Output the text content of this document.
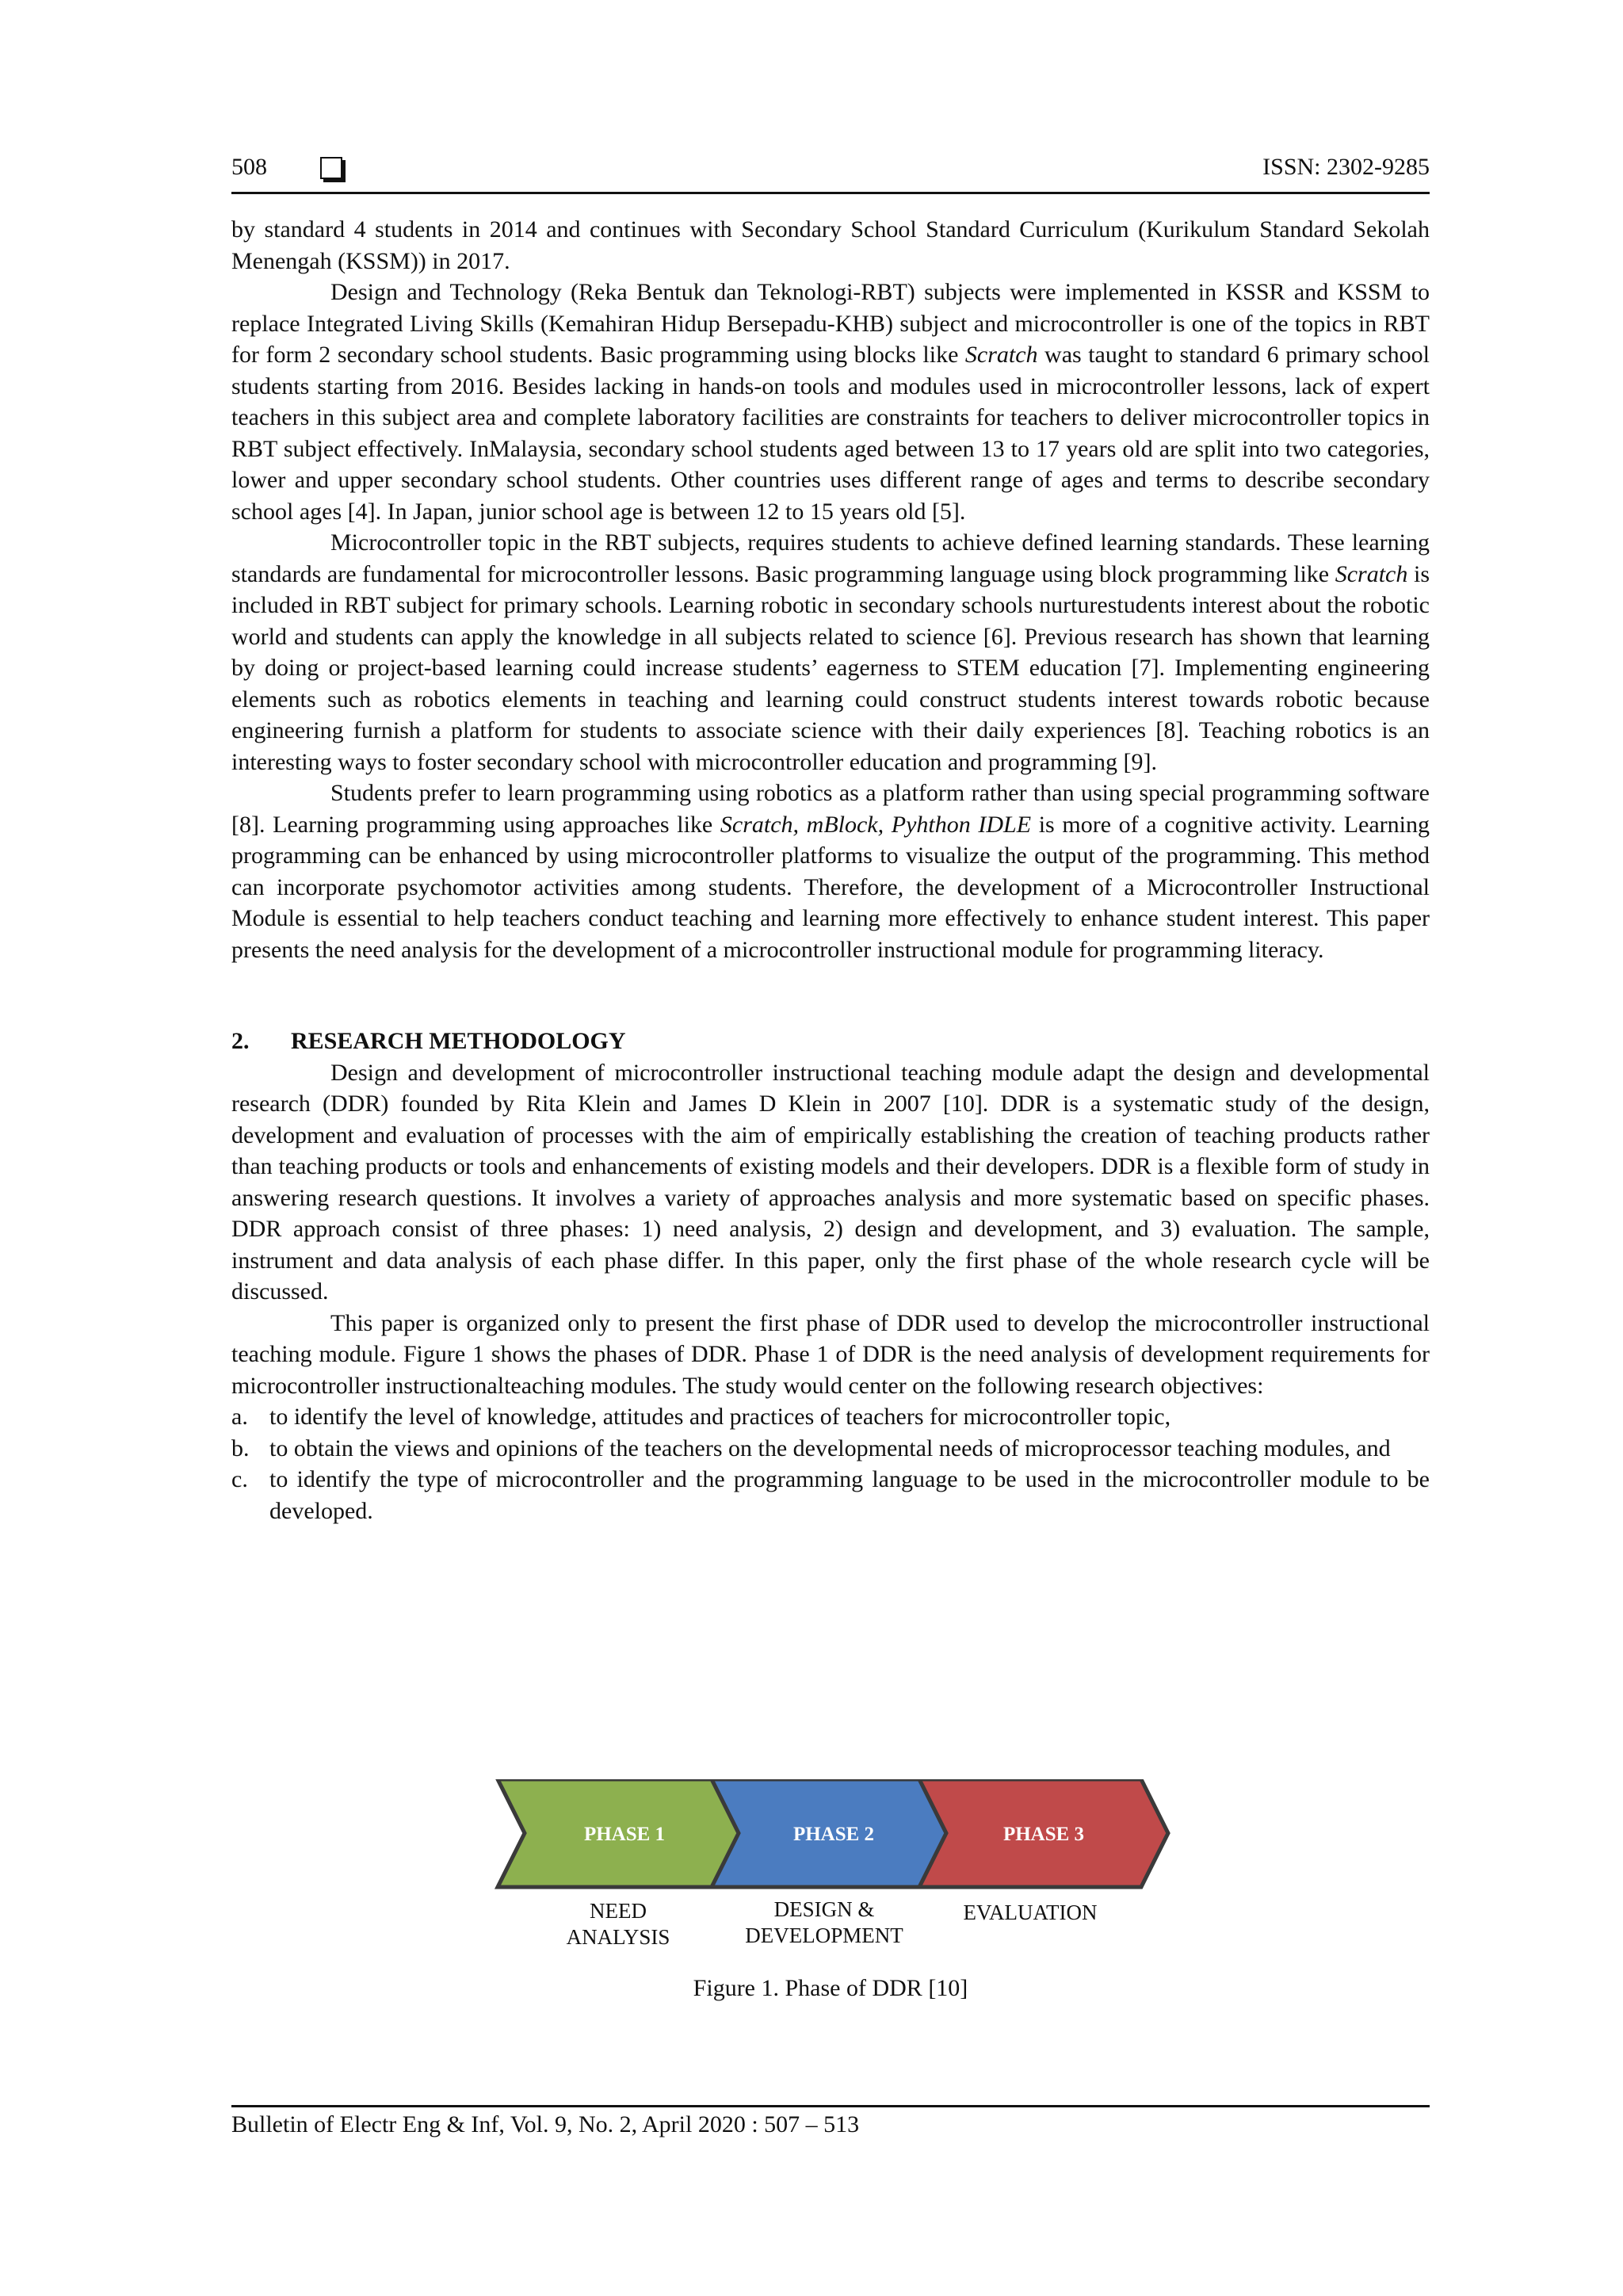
508	ISSN: 2302-9285

by standard 4 students in 2014 and continues with Secondary School Standard Curriculum (Kurikulum Standard Sekolah Menengah (KSSM)) in 2017.

Design and Technology (Reka Bentuk dan Teknologi-RBT) subjects were implemented in KSSR and KSSM to replace Integrated Living Skills (Kemahiran Hidup Bersepadu-KHB) subject and microcontroller is one of the topics in RBT for form 2 secondary school students. Basic programming using blocks like Scratch was taught to standard 6 primary school students starting from 2016. Besides lacking in hands-on tools and modules used in microcontroller lessons, lack of expert teachers in this subject area and complete laboratory facilities are constraints for teachers to deliver microcontroller topics in RBT subject effectively. InMalaysia, secondary school students aged between 13 to 17 years old are split into two categories, lower and upper secondary school students. Other countries uses different range of ages and terms to describe secondary school ages [4]. In Japan, junior school age is between 12 to 15 years old [5].

Microcontroller topic in the RBT subjects, requires students to achieve defined learning standards. These learning standards are fundamental for microcontroller lessons. Basic programming language using block programming like Scratch is included in RBT subject for primary schools. Learning robotic in secondary schools nurturestudents interest about the robotic world and students can apply the knowledge in all subjects related to science [6]. Previous research has shown that learning by doing or project-based learning could increase students’ eagerness to STEM education [7]. Implementing engineering elements such as robotics elements in teaching and learning could construct students interest towards robotic because engineering furnish a platform for students to associate science with their daily experiences [8]. Teaching robotics is an interesting ways to foster secondary school with microcontroller education and programming [9].

Students prefer to learn programming using robotics as a platform rather than using special programming software [8]. Learning programming using approaches like Scratch, mBlock, Pyhthon IDLE is more of a cognitive activity. Learning programming can be enhanced by using microcontroller platforms to visualize the output of the programming. This method can incorporate psychomotor activities among students. Therefore, the development of a Microcontroller Instructional Module is essential to help teachers conduct teaching and learning more effectively to enhance student interest. This paper presents the need analysis for the development of a microcontroller instructional module for programming literacy.

2. RESEARCH METHODOLOGY

Design and development of microcontroller instructional teaching module adapt the design and developmental research (DDR) founded by Rita Klein and James D Klein in 2007 [10]. DDR is a systematic study of the design, development and evaluation of processes with the aim of empirically establishing the creation of teaching products rather than teaching products or tools and enhancements of existing models and their developers. DDR is a flexible form of study in answering research questions. It involves a variety of approaches analysis and more systematic based on specific phases. DDR approach consist of three phases: 1) need analysis, 2) design and development, and 3) evaluation. The sample, instrument and data analysis of each phase differ. In this paper, only the first phase of the whole research cycle will be discussed.

This paper is organized only to present the first phase of DDR used to develop the microcontroller instructional teaching module. Figure 1 shows the phases of DDR. Phase 1 of DDR is the need analysis of development requirements for microcontroller instructionalteaching modules. The study would center on the following research objectives:

a. to identify the level of knowledge, attitudes and practices of teachers for microcontroller topic,
b. to obtain the views and opinions of the teachers on the developmental needs of microprocessor teaching modules, and
c. to identify the type of microcontroller and the programming language to be used in the microcontroller module to be developed.
PHASE 1	PHASE 2	PHASE 3
NEED
ANALYSIS
DESIGN &
DEVELOPMENT
EVALUATION
Figure 1. Phase of DDR [10]
Bulletin of Electr Eng & Inf, Vol. 9, No. 2, April 2020 : 507 – 513
